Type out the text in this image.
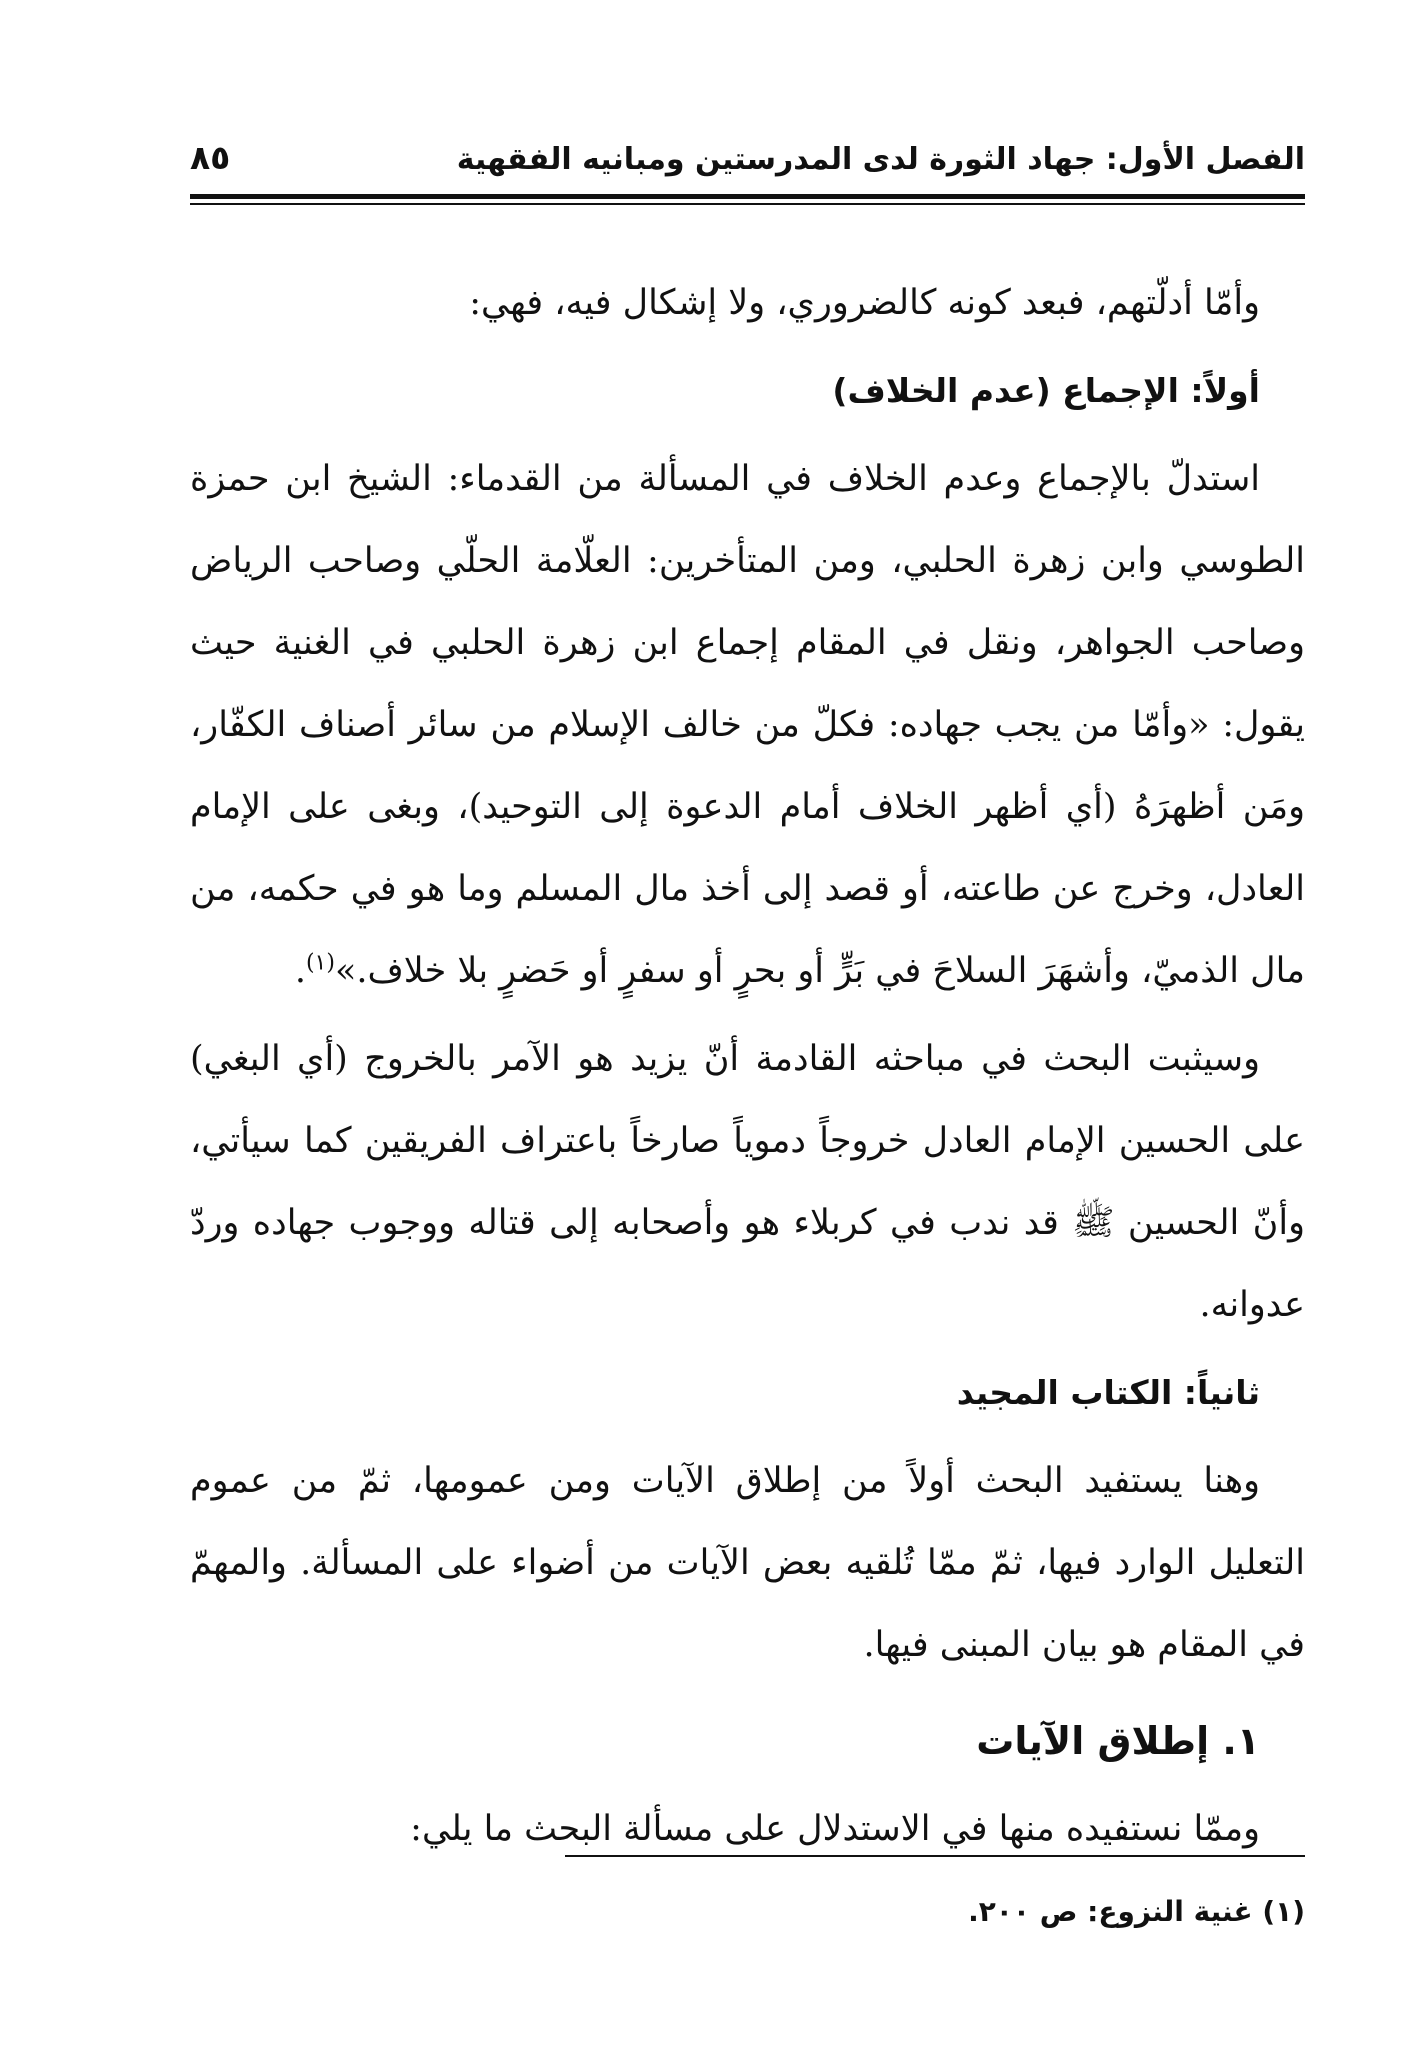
الفصل الأول: جهاد الثورة لدى المدرستين ومبانيه الفقهية
٨٥

وأمّا أدلّتهم، فبعد كونه كالضروري، ولا إشكال فيه، فهي:

أولاً: الإجماع (عدم الخلاف)

استدلّ بالإجماع وعدم الخلاف في المسألة من القدماء: الشيخ ابن حمزة الطوسي وابن زهرة الحلبي، ومن المتأخرين: العلّامة الحلّي وصاحب الرياض وصاحب الجواهر، ونقل في المقام إجماع ابن زهرة الحلبي في الغنية حيث يقول: «وأمّا من يجب جهاده: فكلّ من خالف الإسلام من سائر أصناف الكفّار، ومَن أظهرَهُ (أي أظهر الخلاف أمام الدعوة إلى التوحيد)، وبغى على الإمام العادل، وخرج عن طاعته، أو قصد إلى أخذ مال المسلم وما هو في حكمه، من مال الذميّ، وأشهَرَ السلاحَ في بَرٍّ أو بحرٍ أو سفرٍ أو حَضرٍ بلا خلاف.»$^{(١)}$.

وسيثبت البحث في مباحثه القادمة أنّ يزيد هو الآمر بالخروج (أي البغي) على الحسين الإمام العادل خروجاً دموياً صارخاً باعتراف الفريقين كما سيأتي، وأنّ الحسين ﷺ قد ندب في كربلاء هو وأصحابه إلى قتاله ووجوب جهاده وردّ عدوانه.

ثانياً: الكتاب المجيد

وهنا يستفيد البحث أولاً من إطلاق الآيات ومن عمومها، ثمّ من عموم التعليل الوارد فيها، ثمّ ممّا تُلقيه بعض الآيات من أضواء على المسألة. والمهمّ في المقام هو بيان المبنى فيها.

١. إطلاق الآيات

وممّا نستفيده منها في الاستدلال على مسألة البحث ما يلي:

(١) غنية النزوع: ص ٢٠٠.
